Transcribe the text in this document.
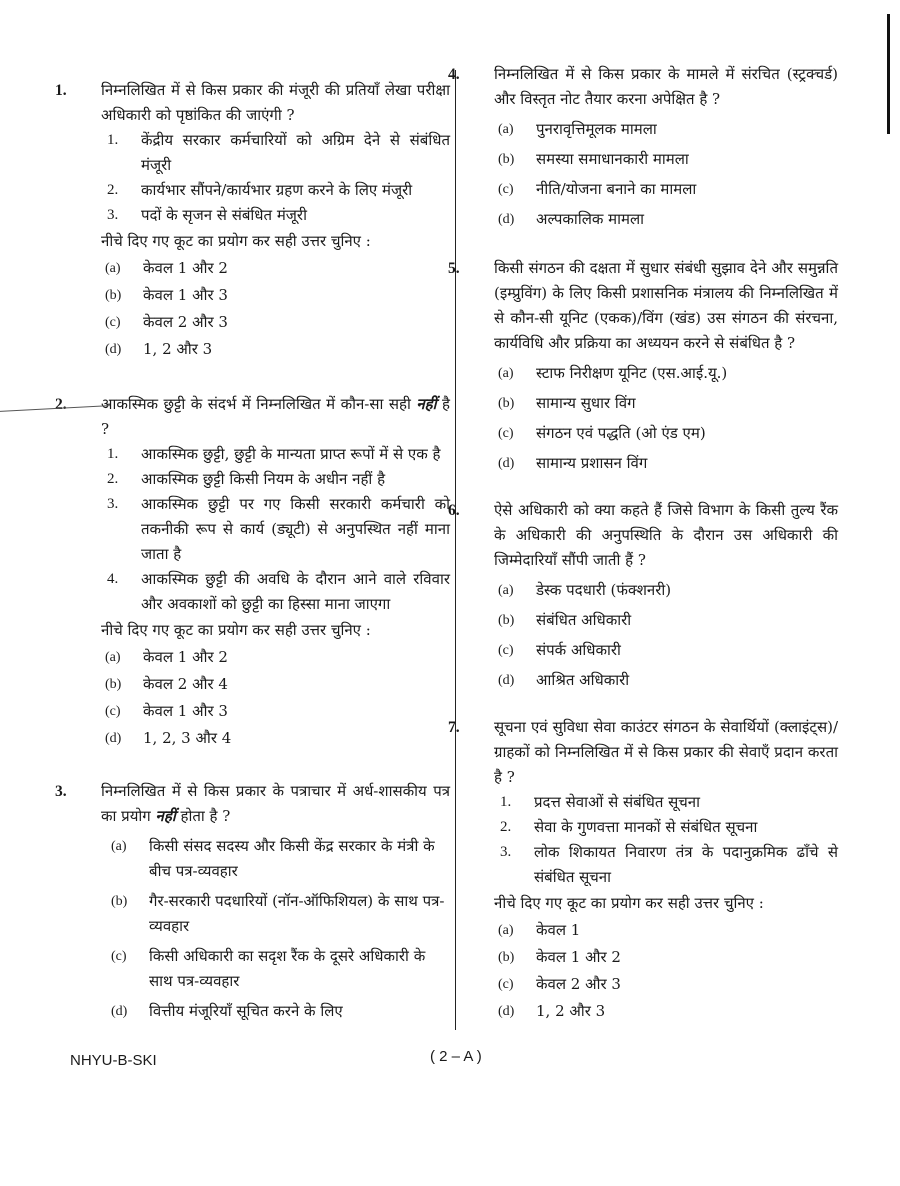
1. निम्नलिखित में से किस प्रकार की मंजूरी की प्रतियाँ लेखा परीक्षा अधिकारी को पृष्ठांकित की जाएंगी ?
1.	केंद्रीय सरकार कर्मचारियों को अग्रिम देने से संबंधित मंजूरी
2.	कार्यभार सौंपने/कार्यभार ग्रहण करने के लिए मंजूरी
3.	पदों के सृजन से संबंधित मंजूरी
नीचे दिए गए कूट का प्रयोग कर सही उत्तर चुनिए :
(a)	केवल 1 और 2
(b)	केवल 1 और 3
(c)	केवल 2 और 3
(d)	1, 2 और 3
2. आकस्मिक छुट्टी के संदर्भ में निम्नलिखित में कौन-सा सही नहीं है ?
1.	आकस्मिक छुट्टी, छुट्टी के मान्यता प्राप्त रूपों में से एक है
2.	आकस्मिक छुट्टी किसी नियम के अधीन नहीं है
3.	आकस्मिक छुट्टी पर गए किसी सरकारी कर्मचारी को तकनीकी रूप से कार्य (ड्यूटी) से अनुपस्थित नहीं माना जाता है
4.	आकस्मिक छुट्टी की अवधि के दौरान आने वाले रविवार और अवकाशों को छुट्टी का हिस्सा माना जाएगा
नीचे दिए गए कूट का प्रयोग कर सही उत्तर चुनिए :
(a)	केवल 1 और 2
(b)	केवल 2 और 4
(c)	केवल 1 और 3
(d)	1, 2, 3 और 4
3. निम्नलिखित में से किस प्रकार के पत्राचार में अर्ध-शासकीय पत्र का प्रयोग नहीं होता है ?
(a)	किसी संसद सदस्य और किसी केंद्र सरकार के मंत्री के बीच पत्र-व्यवहार
(b)	गैर-सरकारी पदधारियों (नॉन-ऑफिशियल) के साथ पत्र-व्यवहार
(c)	किसी अधिकारी का सदृश रैंक के दूसरे अधिकारी के साथ पत्र-व्यवहार
(d)	वित्तीय मंजूरियाँ सूचित करने के लिए
4. निम्नलिखित में से किस प्रकार के मामले में संरचित (स्ट्रक्चर्ड) और विस्तृत नोट तैयार करना अपेक्षित है ?
(a)	पुनरावृत्तिमूलक मामला
(b)	समस्या समाधानकारी मामला
(c)	नीति/योजना बनाने का मामला
(d)	अल्पकालिक मामला
5. किसी संगठन की दक्षता में सुधार संबंधी सुझाव देने और समुन्नति (इम्प्रुविंग) के लिए किसी प्रशासनिक मंत्रालय की निम्नलिखित में से कौन-सी यूनिट (एकक)/विंग (खंड) उस संगठन की संरचना, कार्यविधि और प्रक्रिया का अध्ययन करने से संबंधित है ?
(a)	स्टाफ निरीक्षण यूनिट (एस.आई.यू.)
(b)	सामान्य सुधार विंग
(c)	संगठन एवं पद्धति (ओ एंड एम)
(d)	सामान्य प्रशासन विंग
6. ऐसे अधिकारी को क्या कहते हैं जिसे विभाग के किसी तुल्य रैंक के अधिकारी की अनुपस्थिति के दौरान उस अधिकारी की जिम्मेदारियाँ सौंपी जाती हैं ?
(a)	डेस्क पदधारी (फंक्शनरी)
(b)	संबंधित अधिकारी
(c)	संपर्क अधिकारी
(d)	आश्रित अधिकारी
7. सूचना एवं सुविधा सेवा काउंटर संगठन के सेवार्थियों (क्लाइंट्स)/ग्राहकों को निम्नलिखित में से किस प्रकार की सेवाएँ प्रदान करता है ?
1.	प्रदत्त सेवाओं से संबंधित सूचना
2.	सेवा के गुणवत्ता मानकों से संबंधित सूचना
3.	लोक शिकायत निवारण तंत्र के पदानुक्रमिक ढाँचे से संबंधित सूचना
नीचे दिए गए कूट का प्रयोग कर सही उत्तर चुनिए :
(a)	केवल 1
(b)	केवल 1 और 2
(c)	केवल 2 और 3
(d)	1, 2 और 3
NHYU-B-SKI	( 2 – A )
